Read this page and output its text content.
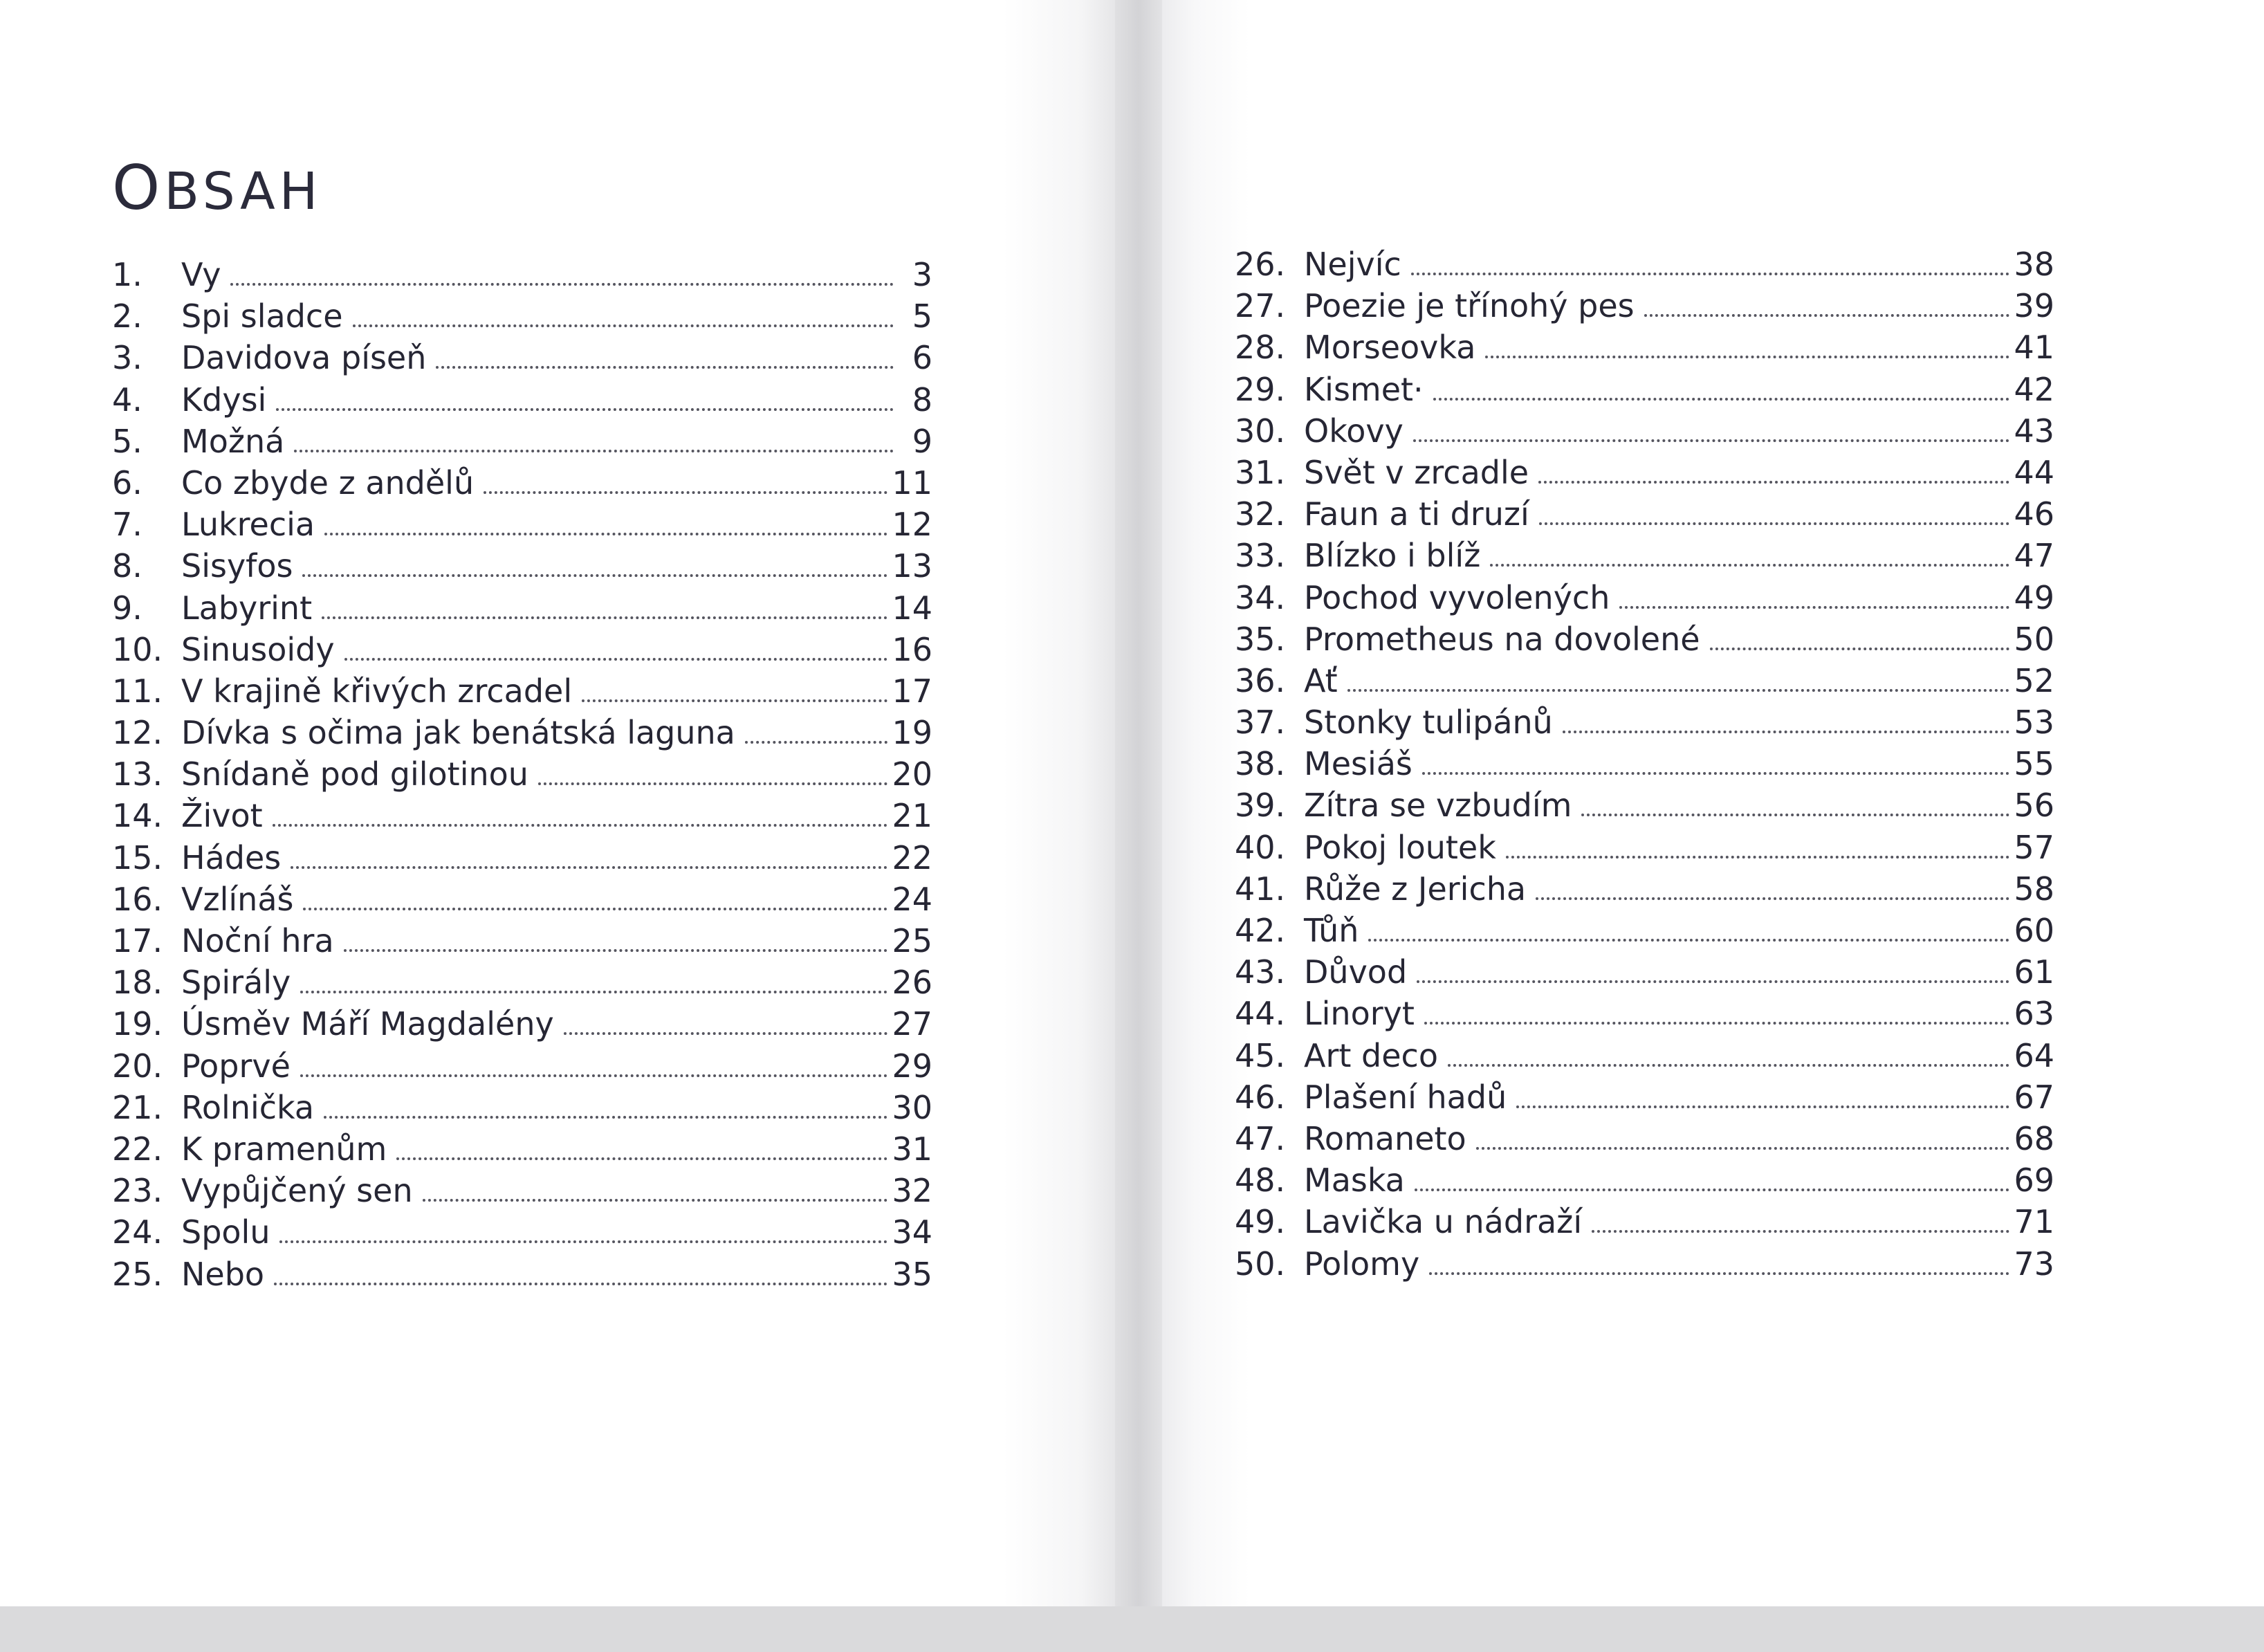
OBSAH
1.	Vy	3
2.	Spi sladce	5
3.	Davidova píseň	6
4.	Kdysi	8
5.	Možná	9
6.	Co zbyde z andělů	11
7.	Lukrecia	12
8.	Sisyfos	13
9.	Labyrint	14
10. Sinusoidy	16
11. V krajině křivých zrcadel	17
12. Dívka s očima jak benátská laguna	19
13. Snídaně pod gilotinou	20
14. Život	21
15. Hádes	22
16. Vzlínáš	24
17. Noční hra	25
18. Spirály	26
19. Úsměv Máří Magdalény	27
20. Poprvé	29
21. Rolnička	30
22. K pramenům	31
23. Vypůjčený sen	32
24. Spolu	34
25. Nebo	35
26. Nejvíc	38
27. Poezie je třínohý pes	39
28. Morseovka	41
29. Kismet·	42
30. Okovy	43
31. Svět v zrcadle	44
32. Faun a ti druzí	46
33. Blízko i blíž	47
34. Pochod vyvolených	49
35. Prometheus na dovolené	50
36. Ať	52
37. Stonky tulipánů	53
38. Mesiáš	55
39. Zítra se vzbudím	56
40. Pokoj loutek	57
41. Růže z Jericha	58
42. Tůň	60
43. Důvod	61
44. Linoryt	63
45. Art deco	64
46. Plašení hadů	67
47. Romaneto	68
48. Maska	69
49. Lavička u nádraží	71
50. Polomy	73
